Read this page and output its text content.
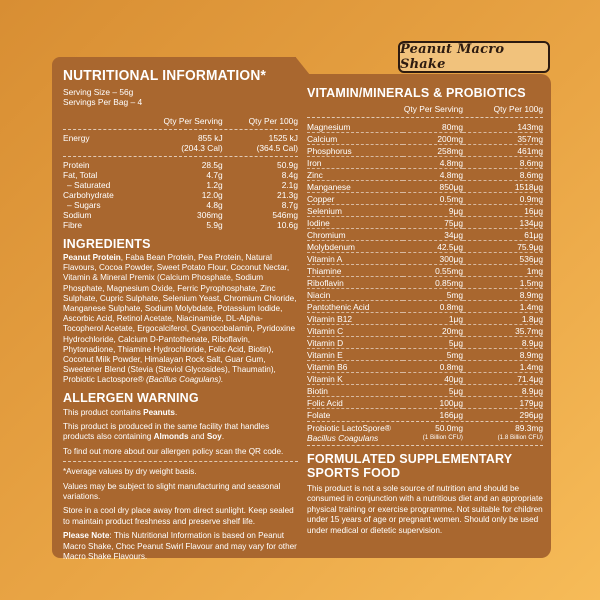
Peanut Macro Shake
NUTRITIONAL INFORMATION*
Serving Size – 56g
Servings Per Bag – 4
	Qty Per Serving	Qty Per 100g
Energy	855 kJ	1525 kJ
	(204.3 Cal)	(364.5 Cal)
Protein	28.5g	50.9g
Fat, Total	4.7g	8.4g
– Saturated	1.2g	2.1g
Carbohydrate	12.0g	21.3g
– Sugars	4.8g	8.7g
Sodium	306mg	546mg
Fibre	5.9g	10.6g
INGREDIENTS
Peanut Protein, Faba Bean Protein, Pea Protein, Natural Flavours, Cocoa Powder, Sweet Potato Flour, Coconut Nectar, Vitamin & Mineral Premix (Calcium Phosphate, Sodium Phosphate, Magnesium Oxide, Ferric Pyrophosphate, Zinc Sulphate, Cupric Sulphate, Selenium Yeast, Chromium Chloride, Manganese Sulphate, Sodium Molybdate, Potassium Iodide, Ascorbic Acid, Retinol Acetate, Niacinamide, DL-Alpha-Tocopherol Acetate, Ergocalciferol, Cyanocobalamin, Pyridoxine Hydrochloride, Calcium D-Pantothenate, Riboflavin, Phytonadione, Thiamine Hydrochloride, Folic Acid, Biotin), Coconut Milk Powder, Himalayan Rock Salt, Guar Gum, Sweetener Blend (Stevia (Steviol Glycosides), Thaumatin), Probiotic Lactospore® (Bacillus Coagulans).
ALLERGEN WARNING
This product contains Peanuts.
This product is produced in the same facility that handles products also containing Almonds and Soy.
To find out more about our allergen policy scan the QR code.
*Average values by dry weight basis.
Values may be subject to slight manufacturing and seasonal variations.
Store in a cool dry place away from direct sunlight. Keep sealed to maintain product freshness and preserve shelf life.
Please Note: This Nutritional Information is based on Peanut Macro Shake, Choc Peanut Swirl Flavour and may vary for other Macro Shake Flavours.
VITAMIN/MINERALS & PROBIOTICS
	Qty Per Serving	Qty Per 100g
Magnesium	80mg	143mg
Calcium	200mg	357mg
Phosphorus	258mg	461mg
Iron	4.8mg	8.6mg
Zinc	4.8mg	8.6mg
Manganese	850μg	1518μg
Copper	0.5mg	0.9mg
Selenium	9μg	16μg
Iodine	75μg	134μg
Chromium	34μg	61μg
Molybdenum	42.5μg	75.9μg
Vitamin A	300μg	536μg
Thiamine	0.55mg	1mg
Riboflavin	0.85mg	1.5mg
Niacin	5mg	8.9mg
Pantothenic Acid	0.8mg	1.4mg
Vitamin B12	1μg	1.8μg
Vitamin C	20mg	35.7mg
Vitamin D	5μg	8.9μg
Vitamin E	5mg	8.9mg
Vitamin B6	0.8mg	1.4mg
Vitamin K	40μg	71.4μg
Biotin	5μg	8.9μg
Folic Acid	100μg	179μg
Folate	166μg	296μg
Probiotic LactoSpore®	50.0mg	89.3mg
Bacillus Coagulans	(1 Billion CFU)	(1.8 Billion CFU)
FORMULATED SUPPLEMENTARY
SPORTS FOOD
This product is not a sole source of nutrition and should be consumed in conjunction with a nutritious diet and an appropriate physical training or exercise programme. Not suitable for children under 15 years of age or pregnant women. Should only be used under medical or dietetic supervision.
